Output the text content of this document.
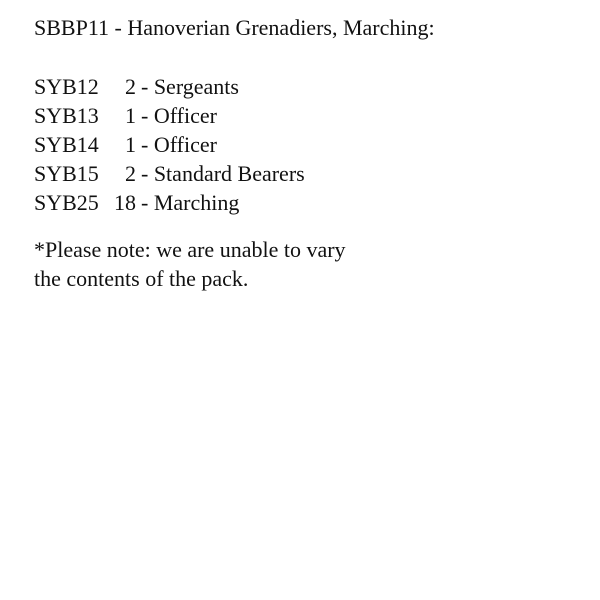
SBBP11 - Hanoverian Grenadiers, Marching:

SYB12	2 - Sergeants
SYB13	1 - Officer
SYB14	1 - Officer
SYB15	2 - Standard Bearers
SYB25 18 - Marching

*Please note: we are unable to vary

the contents of the pack.
